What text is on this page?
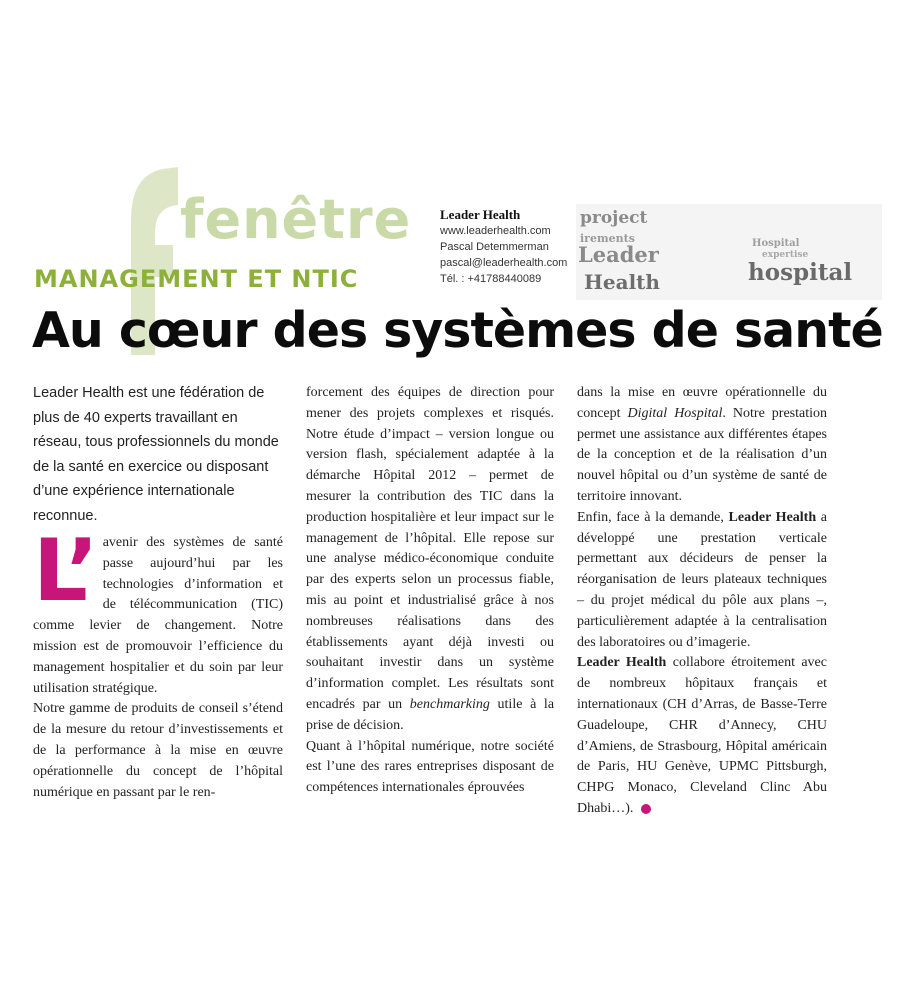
fenêtre
MANAGEMENT ET NTIC
Au cœur des systèmes de santé
Leader Health
www.leaderhealth.com
Pascal Detemmerman
pascal@leaderhealth.com
Tél. : +41788440089
project
irements
Leader
Health
Hospital
expertise
hospital

Leader Health est une fédération de plus de 40 experts travaillant en réseau, tous professionnels du monde de la santé en exercice ou disposant d’une expérience internationale reconnue.

L’ avenir des systèmes de santé passe aujourd’hui par les technologies d’information et de télécommunication (TIC) comme levier de changement. Notre mission est de promouvoir l’efficience du management hospitalier et du soin par leur utilisation stratégique.

Notre gamme de produits de conseil s’étend de la mesure du retour d’investissements et de la performance à la mise en œuvre opérationnelle du concept de l’hôpital numérique en passant par le ren-

forcement des équipes de direction pour mener des projets complexes et risqués. Notre étude d’impact – version longue ou version flash, spécialement adaptée à la démarche Hôpital 2012 – permet de mesurer la contribution des TIC dans la production hospitalière et leur impact sur le management de l’hôpital. Elle repose sur une analyse médico-économique conduite par des experts selon un processus fiable, mis au point et industrialisé grâce à nos nombreuses réalisations dans des établissements ayant déjà investi ou souhaitant investir dans un système d’information complet. Les résultats sont encadrés par un benchmarking utile à la prise de décision.

Quant à l’hôpital numérique, notre société est l’une des rares entreprises disposant de compétences internationales éprouvées

dans la mise en œuvre opérationnelle du concept Digital Hospital. Notre prestation permet une assistance aux différentes étapes de la conception et de la réalisation d’un nouvel hôpital ou d’un système de santé de territoire innovant.

Enfin, face à la demande, Leader Health a développé une prestation verticale permettant aux décideurs de penser la réorganisation de leurs plateaux techniques – du projet médical du pôle aux plans –, particulièrement adaptée à la centralisation des laboratoires ou d’imagerie.

Leader Health collabore étroitement avec de nombreux hôpitaux français et internationaux (CH d’Arras, de Basse-Terre Guadeloupe, CHR d’Annecy, CHU d’Amiens, de Strasbourg, Hôpital américain de Paris, HU Genève, UPMC Pittsburgh, CHPG Monaco, Cleveland Clinc Abu Dhabi…).
